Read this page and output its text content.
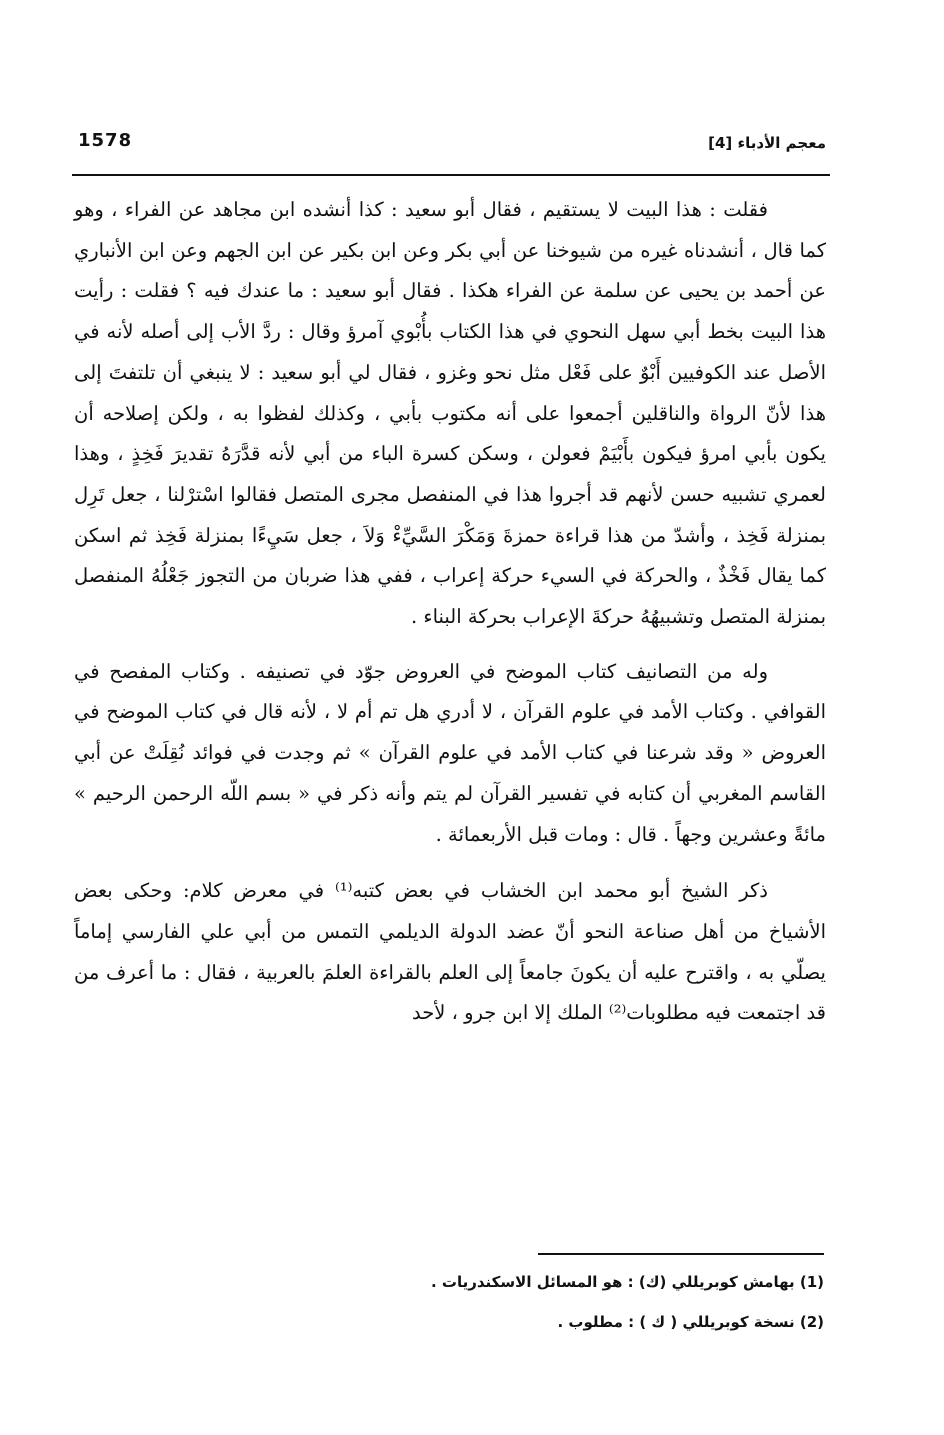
1578	معجم الأدباء [4]

فقلت : هذا البيت لا يستقيم ، فقال أبو سعيد : كذا أنشده ابن مجاهد عن الفراء ، وهو كما قال ، أنشدناه غيره من شيوخنا عن أبي بكر وعن ابن بكير عن ابن الجهم وعن ابن الأنباري عن أحمد بن يحيى عن سلمة عن الفراء هكذا . فقال أبو سعيد : ما عندك فيه ؟ فقلت : رأيت هذا البيت بخط أبي سهل النحوي في هذا الكتاب بأُبْوي آمرؤ وقال : ردَّ الأب إلى أصله لأنه في الأصل عند الكوفيين أَبْوٌ على فَعْل مثل نحو وغزو ، فقال لي أبو سعيد : لا ينبغي أن تلتفتَ إلى هذا لأنّ الرواة والناقلين أجمعوا على أنه مكتوب بأبي ، وكذلك لفظوا به ، ولكن إصلاحه أن يكون بأبي امرؤ فيكون بأَبْيَمْ فعولن ، وسكن كسرة الباء من أبي لأنه قدَّرَهُ تقديرَ فَخِذٍ ، وهذا لعمري تشبيه حسن لأنهم قد أجروا هذا في المنفصل مجرى المتصل فقالوا اسْترْلنا ، جعل تَرِل بمنزلة فَخِذ ، وأشدّ من هذا قراءة حمزةَ وَمَكْرَ السَّيِّءْ وَلاَ ، جعل سَيِءًا بمنزلة فَخِذ ثم اسكن كما يقال فَخْذٌ ، والحركة في السيء حركة إعراب ، ففي هذا ضربان من التجوز جَعْلُهُ المنفصل بمنزلة المتصل وتشبيهُهُ حركةَ الإعراب بحركة البناء .

وله من التصانيف كتاب الموضح في العروض جوّد في تصنيفه . وكتاب المفصح في القوافي . وكتاب الأمد في علوم القرآن ، لا أدري هل تم أم لا ، لأنه قال في كتاب الموضح في العروض « وقد شرعنا في كتاب الأمد في علوم القرآن » ثم وجدت في فوائد نُقِلَتْ عن أبي القاسم المغربي أن كتابه في تفسير القرآن لم يتم وأنه ذكر في « بسم اللّه الرحمن الرحيم » مائةً وعشرين وجهاً . قال : ومات قبل الأربعمائة .

ذكر الشيخ أبو محمد ابن الخشاب في بعض كتبه⁽¹⁾ في معرض كلام: وحكى بعض الأشياخ من أهل صناعة النحو أنّ عضد الدولة الديلمي التمس من أبي علي الفارسي إماماً يصلّي به ، واقترح عليه أن يكونَ جامعاً إلى العلم بالقراءة العلمَ بالعربية ، فقال : ما أعرف من قد اجتمعت فيه مطلوبات⁽²⁾ الملك إلا ابن جرو ، لأحد

(1) بهامش كوبريللي (ك) : هو المسائل الاسكندريات .
(2) نسخة كوبريللي ( ك ) : مطلوب .
